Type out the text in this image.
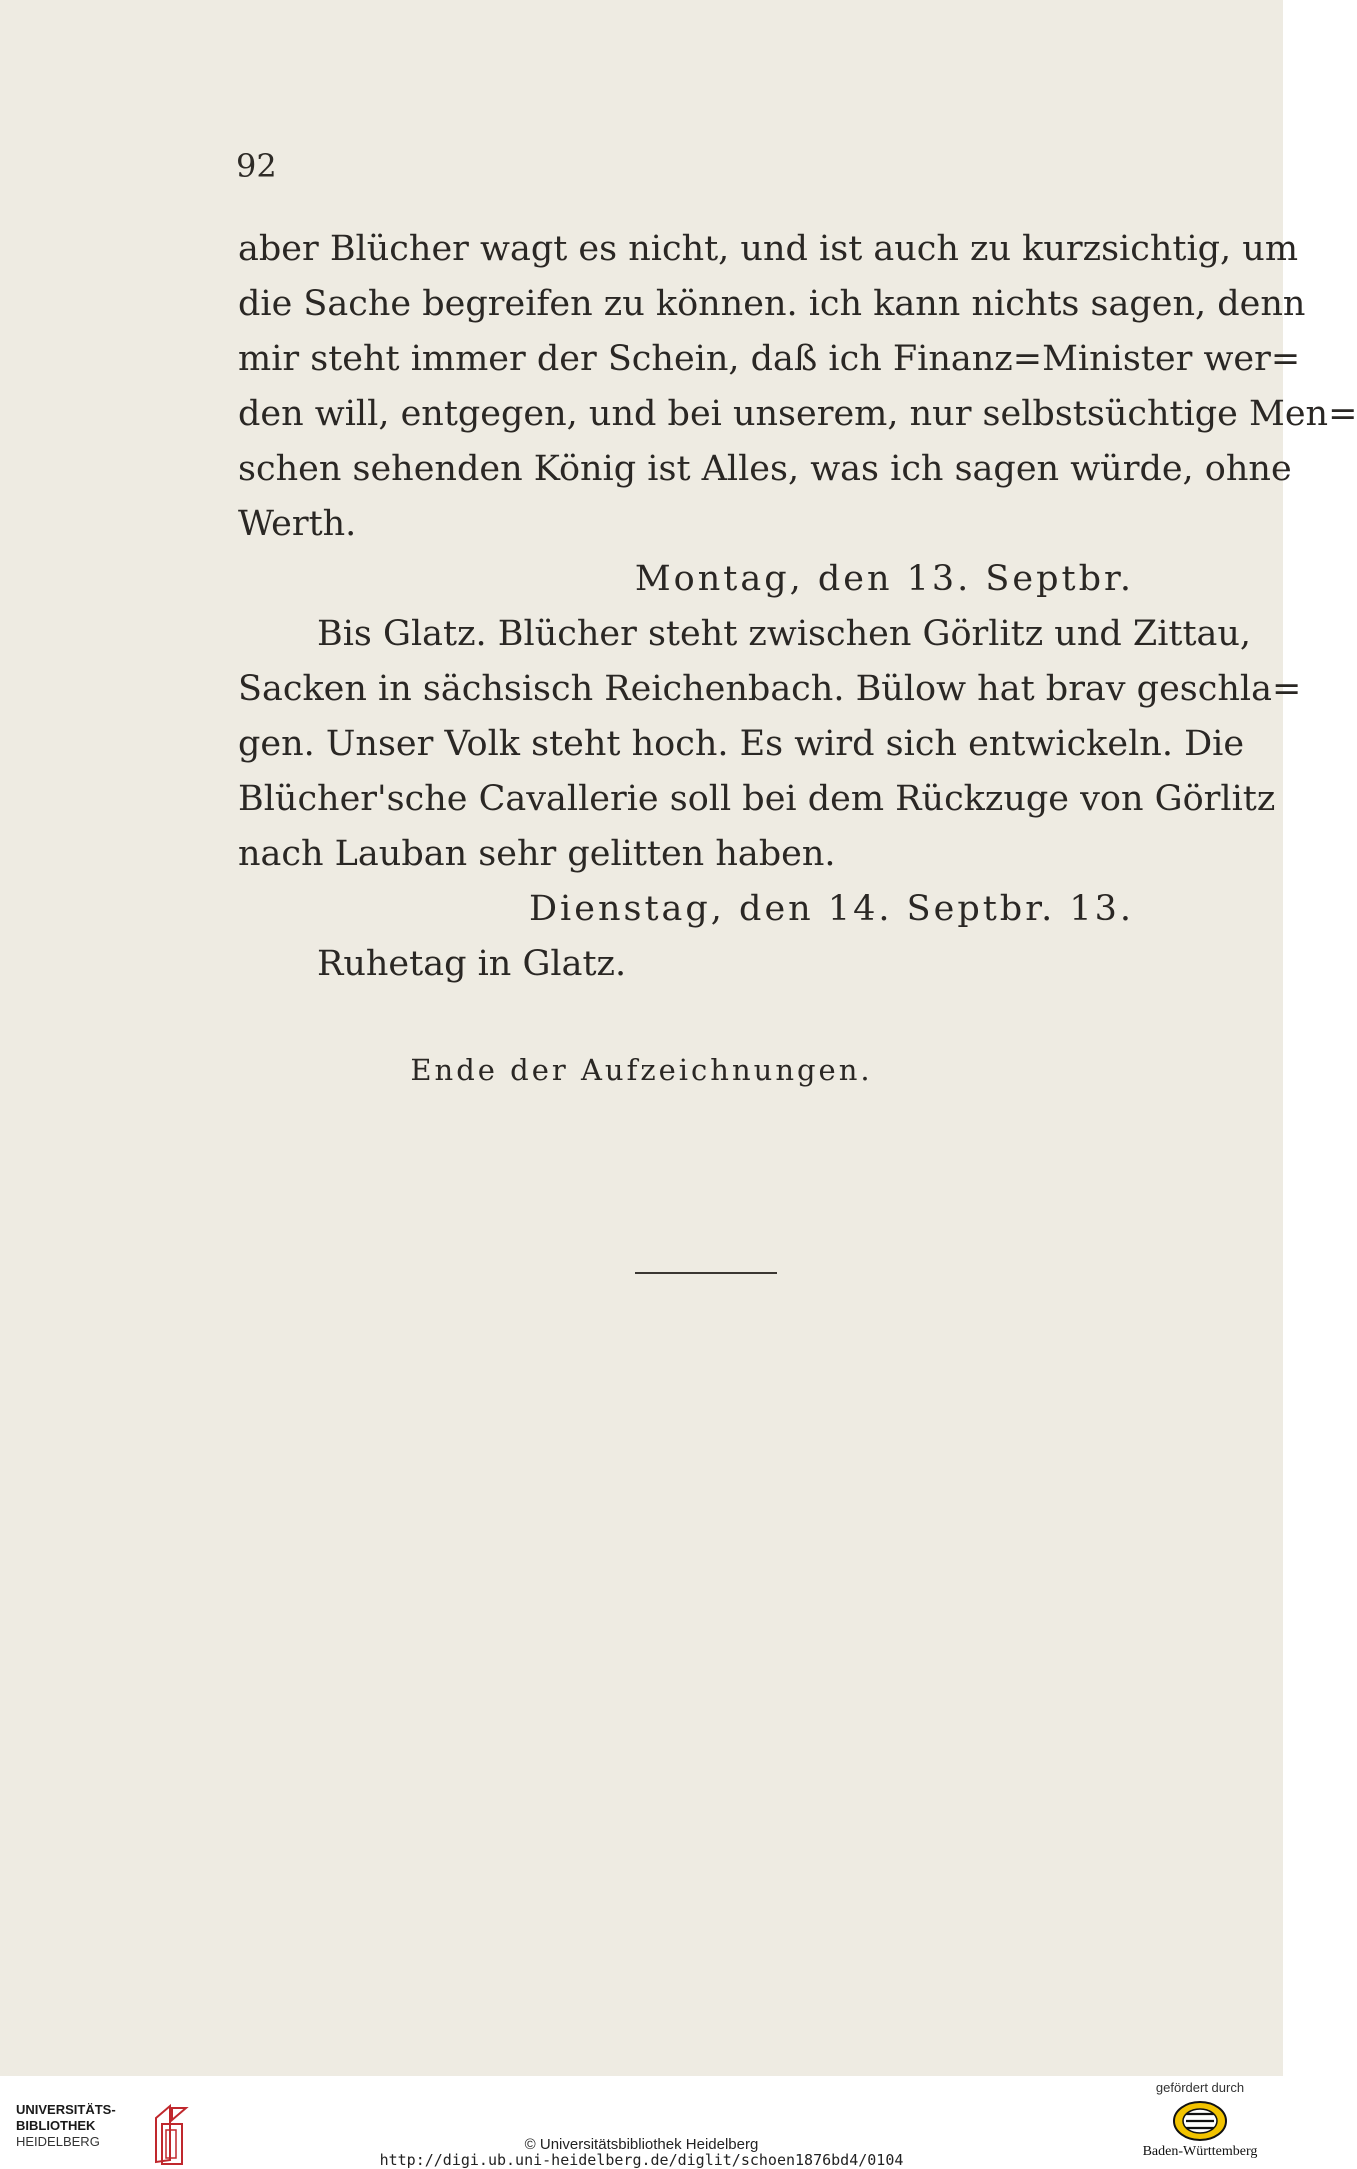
92

aber Blücher wagt es nicht, und ist auch zu kurzsichtig, um
die Sache begreifen zu können. ich kann nichts sagen, denn
mir steht immer der Schein, daß ich Finanz=Minister wer=
den will, entgegen, und bei unserem, nur selbstsüchtige Men=
schen sehenden König ist Alles, was ich sagen würde, ohne
Werth.
Montag, den 13. Septbr.
Bis Glatz. Blücher steht zwischen Görlitz und Zittau,
Sacken in sächsisch Reichenbach. Bülow hat brav geschla=
gen. Unser Volk steht hoch. Es wird sich entwickeln. Die
Blücher'sche Cavallerie soll bei dem Rückzuge von Görlitz
nach Lauban sehr gelitten haben.
Dienstag, den 14. Septbr. 13.
Ruhetag in Glatz.

Ende der Aufzeichnungen.

UNIVERSITÄTS-
BIBLIOTHEK
HEIDELBERG	© Universitätsbibliothek Heidelberg

http://digi.ub.uni-heidelberg.de/diglit/schoen1876bd4/0104

gefördert durch
Baden-Württemberg
